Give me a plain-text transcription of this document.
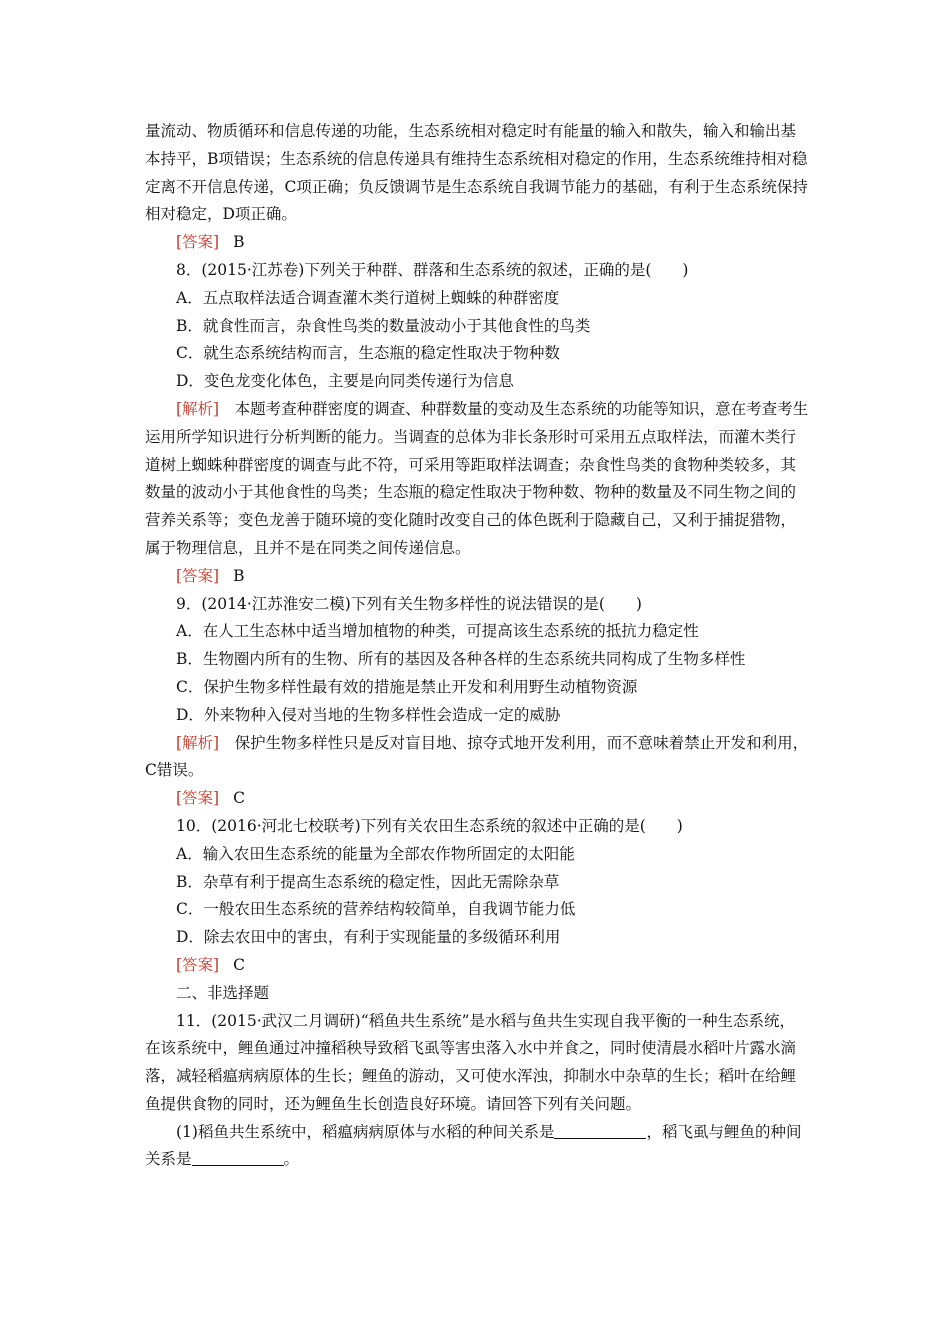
量流动、物质循环和信息传递的功能，生态系统相对稳定时有能量的输入和散失，输入和输出基本持平，B项错误；生态系统的信息传递具有维持生态系统相对稳定的作用，生态系统维持相对稳定离不开信息传递，C项正确；负反馈调节是生态系统自我调节能力的基础，有利于生态系统保持相对稳定，D项正确。

[答案] B

8．(2015·江苏卷)下列关于种群、群落和生态系统的叙述，正确的是(　　)

A．五点取样法适合调查灌木类行道树上蜘蛛的种群密度

B．就食性而言，杂食性鸟类的数量波动小于其他食性的鸟类

C．就生态系统结构而言，生态瓶的稳定性取决于物种数

D．变色龙变化体色，主要是向同类传递行为信息

[解析]　 本题考查种群密度的调查、种群数量的变动及生态系统的功能等知识，意在考查考生运用所学知识进行分析判断的能力。当调查的总体为非长条形时可采用五点取样法，而灌木类行道树上蜘蛛种群密度的调查与此不符，可采用等距取样法调查；杂食性鸟类的食物种类较多，其数量的波动小于其他食性的鸟类；生态瓶的稳定性取决于物种数、物种的数量及不同生物之间的营养关系等；变色龙善于随环境的变化随时改变自己的体色既利于隐藏自己，又利于捕捉猎物，属于物理信息，且并不是在同类之间传递信息。

[答案] B

9．(2014·江苏淮安二模)下列有关生物多样性的说法错误的是(　　)

A．在人工生态林中适当增加植物的种类，可提高该生态系统的抵抗力稳定性

B．生物圈内所有的生物、所有的基因及各种各样的生态系统共同构成了生物多样性

C．保护生物多样性最有效的措施是禁止开发和利用野生动植物资源

D．外来物种入侵对当地的生物多样性会造成一定的威胁

[解析]　 保护生物多样性只是反对盲目地、掠夺式地开发利用，而不意味着禁止开发和利用，C错误。

[答案] C

10．(2016·河北七校联考)下列有关农田生态系统的叙述中正确的是(　　)

A．输入农田生态系统的能量为全部农作物所固定的太阳能

B．杂草有利于提高生态系统的稳定性，因此无需除杂草

C．一般农田生态系统的营养结构较简单，自我调节能力低

D．除去农田中的害虫，有利于实现能量的多级循环利用

[答案] C

二、非选择题

11．(2015·武汉二月调研)“稻鱼共生系统”是水稻与鱼共生实现自我平衡的一种生态系统，在该系统中，鲤鱼通过冲撞稻秧导致稻飞虱等害虫落入水中并食之，同时使清晨水稻叶片露水滴落，减轻稻瘟病病原体的生长；鲤鱼的游动，又可使水浑浊，抑制水中杂草的生长；稻叶在给鲤鱼提供食物的同时，还为鲤鱼生长创造良好环境。请回答下列有关问题。

(1)稻鱼共生系统中，稻瘟病病原体与水稻的种间关系是	，稻飞虱与鲤鱼的种间关系是	。
